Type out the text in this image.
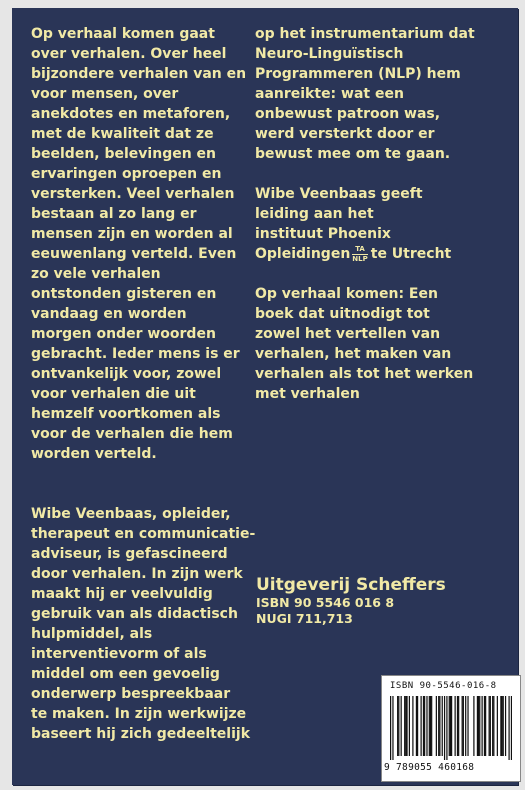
Op verhaal komen gaat
over verhalen. Over heel
bijzondere verhalen van en
voor mensen, over
anekdotes en metaforen,
met de kwaliteit dat ze
beelden, belevingen en
ervaringen oproepen en
versterken. Veel verhalen
bestaan al zo lang er
mensen zijn en worden al
eeuwenlang verteld. Even
zo vele verhalen
ontstonden gisteren en
vandaag en worden
morgen onder woorden
gebracht. Ieder mens is er
ontvankelijk voor, zowel
voor verhalen die uit
hemzelf voortkomen als
voor de verhalen die hem
worden verteld.

Wibe Veenbaas, opleider,
therapeut en communicatie-
adviseur, is gefascineerd
door verhalen. In zijn werk
maakt hij er veelvuldig
gebruik van als didactisch
hulpmiddel, als
interventievorm of als
middel om een gevoelig
onderwerp bespreekbaar
te maken. In zijn werkwijze
baseert hij zich gedeeltelijk

op het instrumentarium dat
Neuro-Linguïstisch
Programmeren (NLP) hem
aanreikte: wat een
onbewust patroon was,
werd versterkt door er
bewust mee om te gaan.

Wibe Veenbaas geeft
leiding aan het
instituut Phoenix
Opleidingen TA
NLP te Utrecht

Op verhaal komen: Een
boek dat uitnodigt tot
zowel het vertellen van
verhalen, het maken van
verhalen als tot het werken
met verhalen

Uitgeverij Scheffers
ISBN 90 5546 016 8
NUGI 711,713
ISBN 90-5546-016-8
9 789055 460168
